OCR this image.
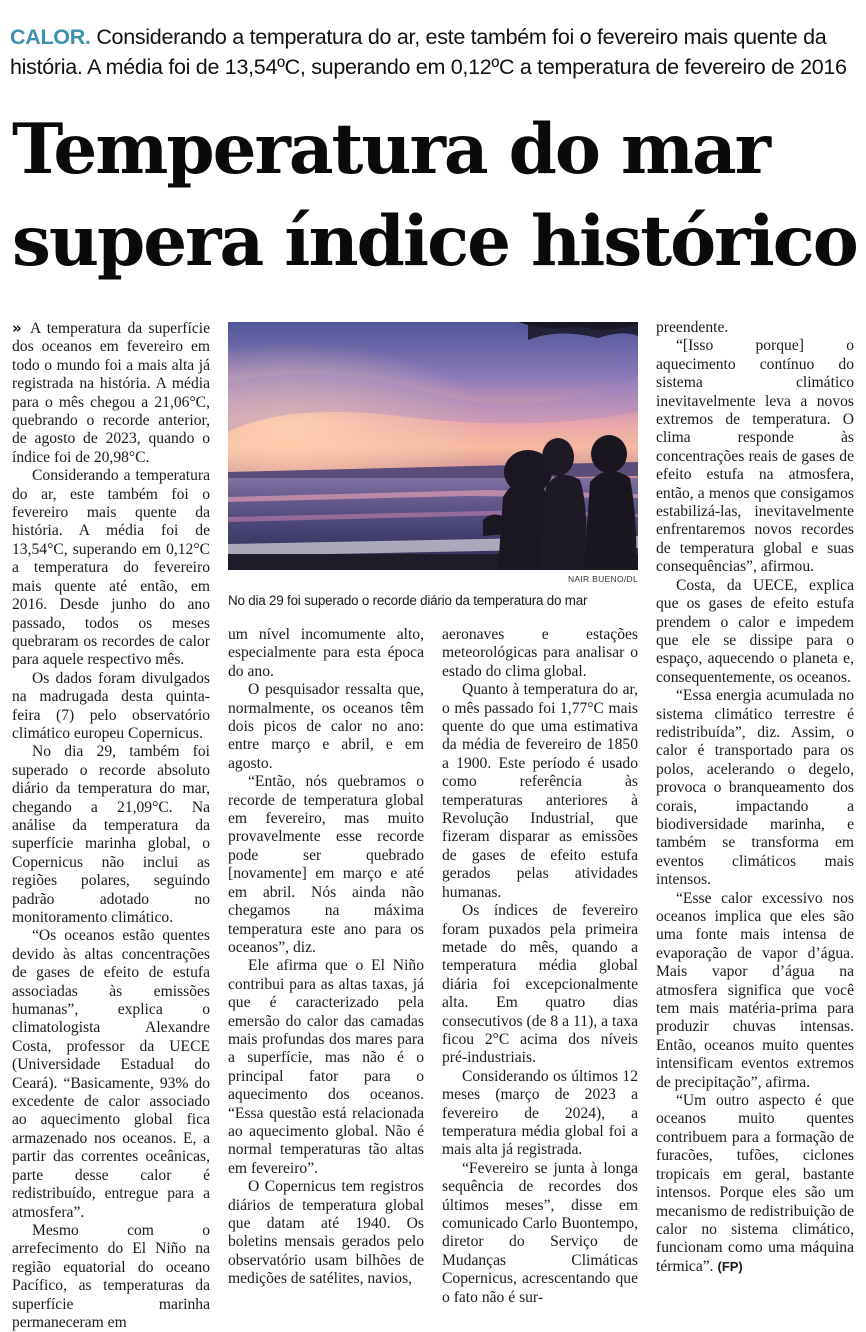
CALOR. Considerando a temperatura do ar, este também foi o fevereiro mais quente da história. A média foi de 13,54ºC, superando em 0,12ºC a temperatura de fevereiro de 2016
Temperatura do mar
supera índice histórico

» A temperatura da superfície dos oceanos em fevereiro em todo o mundo foi a mais alta já registrada na história. A média para o mês chegou a 21,06°C, quebrando o recorde anterior, de agosto de 2023, quando o índice foi de 20,98°C.

Considerando a temperatura do ar, este também foi o fevereiro mais quente da história. A média foi de 13,54°C, superando em 0,12°C a temperatura do fevereiro mais quente até então, em 2016. Desde junho do ano passado, todos os meses quebraram os recordes de calor para aquele respectivo mês.

Os dados foram divulgados na madrugada desta quinta-feira (7) pelo observatório climático europeu Copernicus.

No dia 29, também foi superado o recorde absoluto diário da temperatura do mar, chegando a 21,09°C. Na análise da temperatura da superfície marinha global, o Copernicus não inclui as regiões polares, seguindo padrão adotado no monitoramento climático.

“Os oceanos estão quentes devido às altas concentrações de gases de efeito de estufa associadas às emissões humanas”, explica o climatologista Alexandre Costa, professor da UECE (Universidade Estadual do Ceará). “Basicamente, 93% do excedente de calor associado ao aquecimento global fica armazenado nos oceanos. E, a partir das correntes oceânicas, parte desse calor é redistribuído, entregue para a atmosfera”.

Mesmo com o arrefecimento do El Niño na região equatorial do oceano Pacífico, as temperaturas da superfície marinha permaneceram em

NAIR BUENO/DL
No dia 29 foi superado o recorde diário da temperatura do mar

um nível incomumente alto, especialmente para esta época do ano.

O pesquisador ressalta que, normalmente, os oceanos têm dois picos de calor no ano: entre março e abril, e em agosto.

“Então, nós quebramos o recorde de temperatura global em fevereiro, mas muito provavelmente esse recorde pode ser quebrado [novamente] em março e até em abril. Nós ainda não chegamos na máxima temperatura este ano para os oceanos”, diz.

Ele afirma que o El Niño contribui para as altas taxas, já que é caracterizado pela emersão do calor das camadas mais profundas dos mares para a superfície, mas não é o principal fator para o aquecimento dos oceanos. “Essa questão está relacionada ao aquecimento global. Não é normal temperaturas tão altas em fevereiro”.

O Copernicus tem registros diários de temperatura global que datam até 1940. Os boletins mensais gerados pelo observatório usam bilhões de medições de satélites, navios,

aeronaves e estações meteorológicas para analisar o estado do clima global.

Quanto à temperatura do ar, o mês passado foi 1,77°C mais quente do que uma estimativa da média de fevereiro de 1850 a 1900. Este período é usado como referência às temperaturas anteriores à Revolução Industrial, que fizeram disparar as emissões de gases de efeito estufa gerados pelas atividades humanas.

Os índices de fevereiro foram puxados pela primeira metade do mês, quando a temperatura média global diária foi excepcionalmente alta. Em quatro dias consecutivos (de 8 a 11), a taxa ficou 2°C acima dos níveis pré-industriais.

Considerando os últimos 12 meses (março de 2023 a fevereiro de 2024), a temperatura média global foi a mais alta já registrada.

“Fevereiro se junta à longa sequência de recordes dos últimos meses”, disse em comunicado Carlo Buontempo, diretor do Serviço de Mudanças Climáticas Copernicus, acrescentando que o fato não é sur-

preendente.

“[Isso porque] o aquecimento contínuo do sistema climático inevitavelmente leva a novos extremos de temperatura. O clima responde às concentrações reais de gases de efeito estufa na atmosfera, então, a menos que consigamos estabilizá-las, inevitavelmente enfrentaremos novos recordes de temperatura global e suas consequências”, afirmou.

Costa, da UECE, explica que os gases de efeito estufa prendem o calor e impedem que ele se dissipe para o espaço, aquecendo o planeta e, consequentemente, os oceanos.

“Essa energia acumulada no sistema climático terrestre é redistribuída”, diz. Assim, o calor é transportado para os polos, acelerando o degelo, provoca o branqueamento dos corais, impactando a biodiversidade marinha, e também se transforma em eventos climáticos mais intensos.

“Esse calor excessivo nos oceanos implica que eles são uma fonte mais intensa de evaporação de vapor d’água. Mais vapor d’água na atmosfera significa que você tem mais matéria-prima para produzir chuvas intensas. Então, oceanos muito quentes intensificam eventos extremos de precipitação”, afirma.

“Um outro aspecto é que oceanos muito quentes contribuem para a formação de furacões, tufões, ciclones tropicais em geral, bastante intensos. Porque eles são um mecanismo de redistribuição de calor no sistema climático, funcionam como uma máquina térmica”. (FP)
